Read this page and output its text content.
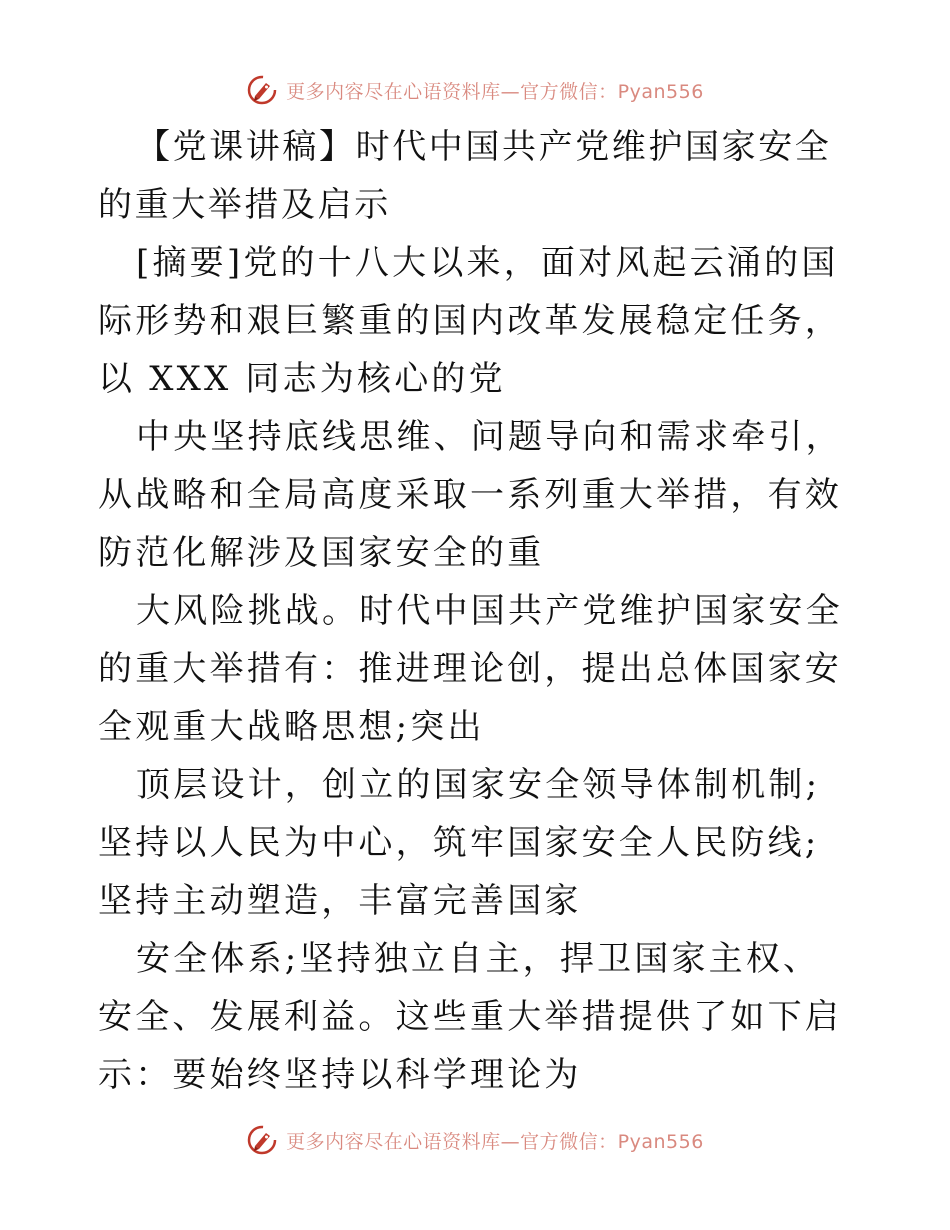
更多内容尽在心语资料库—官方微信：Pyan556

【党课讲稿】时代中国共产党维护国家安全的重大举措及启示

[摘要]党的十八大以来，面对风起云涌的国际形势和艰巨繁重的国内改革发展稳定任务，以 XXX 同志为核心的党

中央坚持底线思维、问题导向和需求牵引，从战略和全局高度采取一系列重大举措，有效防范化解涉及国家安全的重

大风险挑战。时代中国共产党维护国家安全的重大举措有：推进理论创，提出总体国家安全观重大战略思想;突出

顶层设计，创立的国家安全领导体制机制;坚持以人民为中心，筑牢国家安全人民防线;坚持主动塑造，丰富完善国家

安全体系;坚持独立自主，捍卫国家主权、安全、发展利益。这些重大举措提供了如下启示：要始终坚持以科学理论为

更多内容尽在心语资料库—官方微信：Pyan556
